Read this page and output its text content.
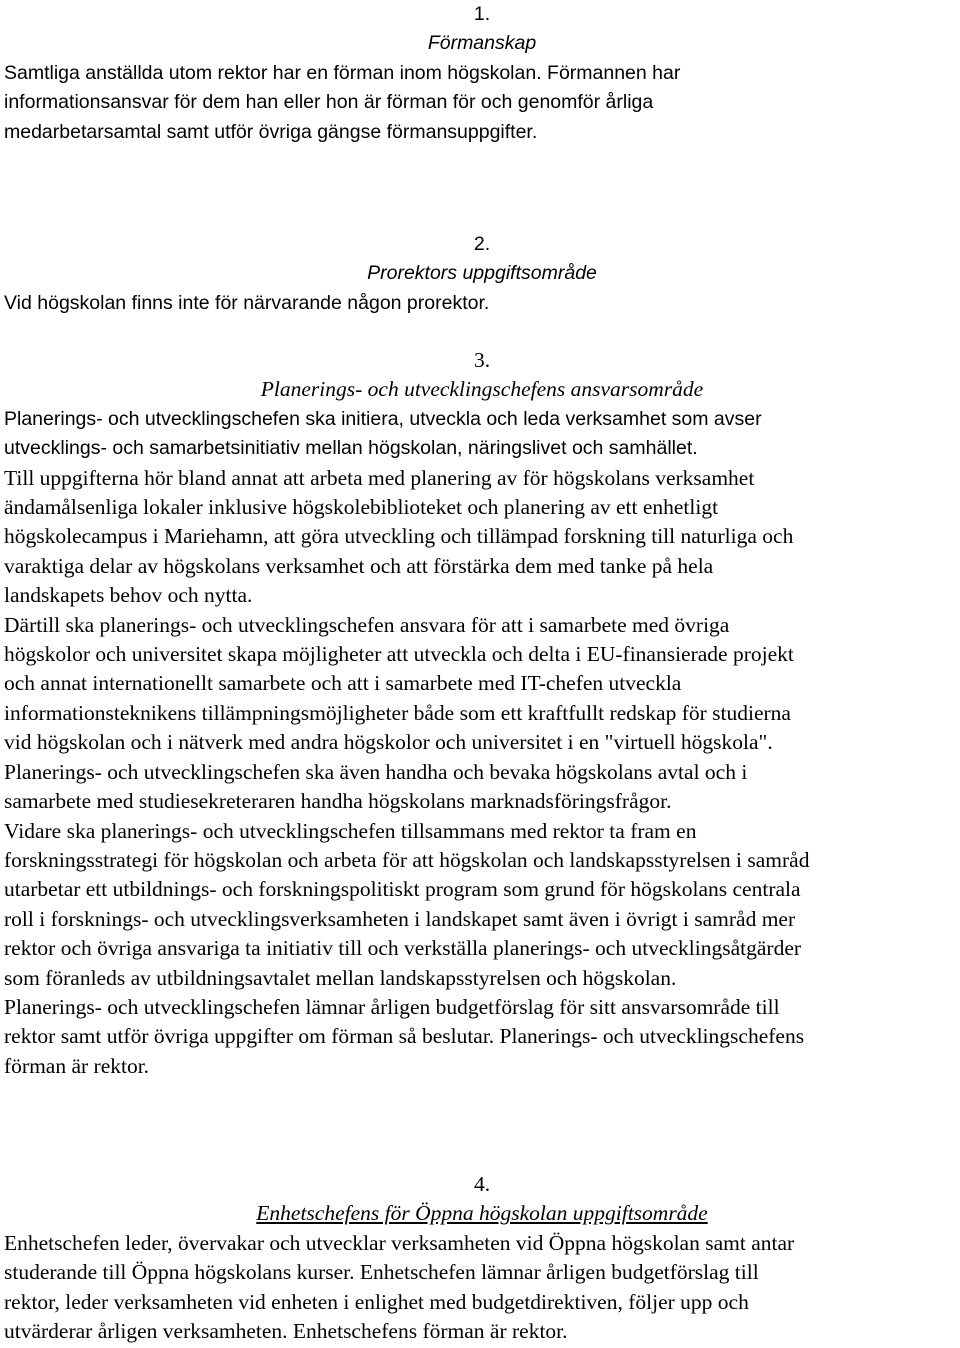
1.

Förmanskap

Samtliga anställda utom rektor har en förman inom högskolan. Förmannen har
informationsansvar för dem han eller hon är förman för och genomför årliga
medarbetarsamtal samt utför övriga gängse förmansuppgifter.

2.

Prorektors uppgiftsområde

Vid högskolan finns inte för närvarande någon prorektor.

3.

Planerings- och utvecklingschefens ansvarsområde

Planerings- och utvecklingschefen ska initiera, utveckla och leda verksamhet som avser
utvecklings- och samarbetsinitiativ mellan högskolan, näringslivet och samhället.

Till uppgifterna hör bland annat att arbeta med planering av för högskolans verksamhet
ändamålsenliga lokaler inklusive högskolebiblioteket och planering av ett enhetligt
högskolecampus i Mariehamn, att göra utveckling och tillämpad forskning till naturliga och
varaktiga delar av högskolans verksamhet och att förstärka dem med tanke på hela
landskapets behov och nytta.
Därtill ska planerings- och utvecklingschefen ansvara för att i samarbete med övriga
högskolor och universitet skapa möjligheter att utveckla och delta i EU-finansierade projekt
och annat internationellt samarbete och att i samarbete med IT-chefen utveckla
informationsteknikens tillämpningsmöjligheter både som ett kraftfullt redskap för studierna
vid högskolan och i nätverk med andra högskolor och universitet i en "virtuell högskola".
Planerings- och utvecklingschefen ska även handha och bevaka högskolans avtal och i
samarbete med studiesekreteraren handha högskolans marknadsföringsfrågor.
Vidare ska planerings- och utvecklingschefen tillsammans med rektor ta fram en
forskningsstrategi för högskolan och arbeta för att högskolan och landskapsstyrelsen i samråd
utarbetar ett utbildnings- och forskningspolitiskt program som grund för högskolans centrala
roll i forsknings- och utvecklingsverksamheten i landskapet samt även i övrigt i samråd mer
rektor och övriga ansvariga ta initiativ till och verkställa planerings- och utvecklingsåtgärder
som föranleds av utbildningsavtalet mellan landskapsstyrelsen och högskolan.
Planerings- och utvecklingschefen lämnar årligen budgetförslag för sitt ansvarsområde till
rektor samt utför övriga uppgifter om förman så beslutar. Planerings- och utvecklingschefens
förman är rektor.

4.

Enhetschefens för Öppna högskolan uppgiftsområde

Enhetschefen leder, övervakar och utvecklar verksamheten vid Öppna högskolan samt antar
studerande till Öppna högskolans kurser. Enhetschefen lämnar årligen budgetförslag till
rektor, leder verksamheten vid enheten i enlighet med budgetdirektiven, följer upp och
utvärderar årligen verksamheten. Enhetschefens förman är rektor.
